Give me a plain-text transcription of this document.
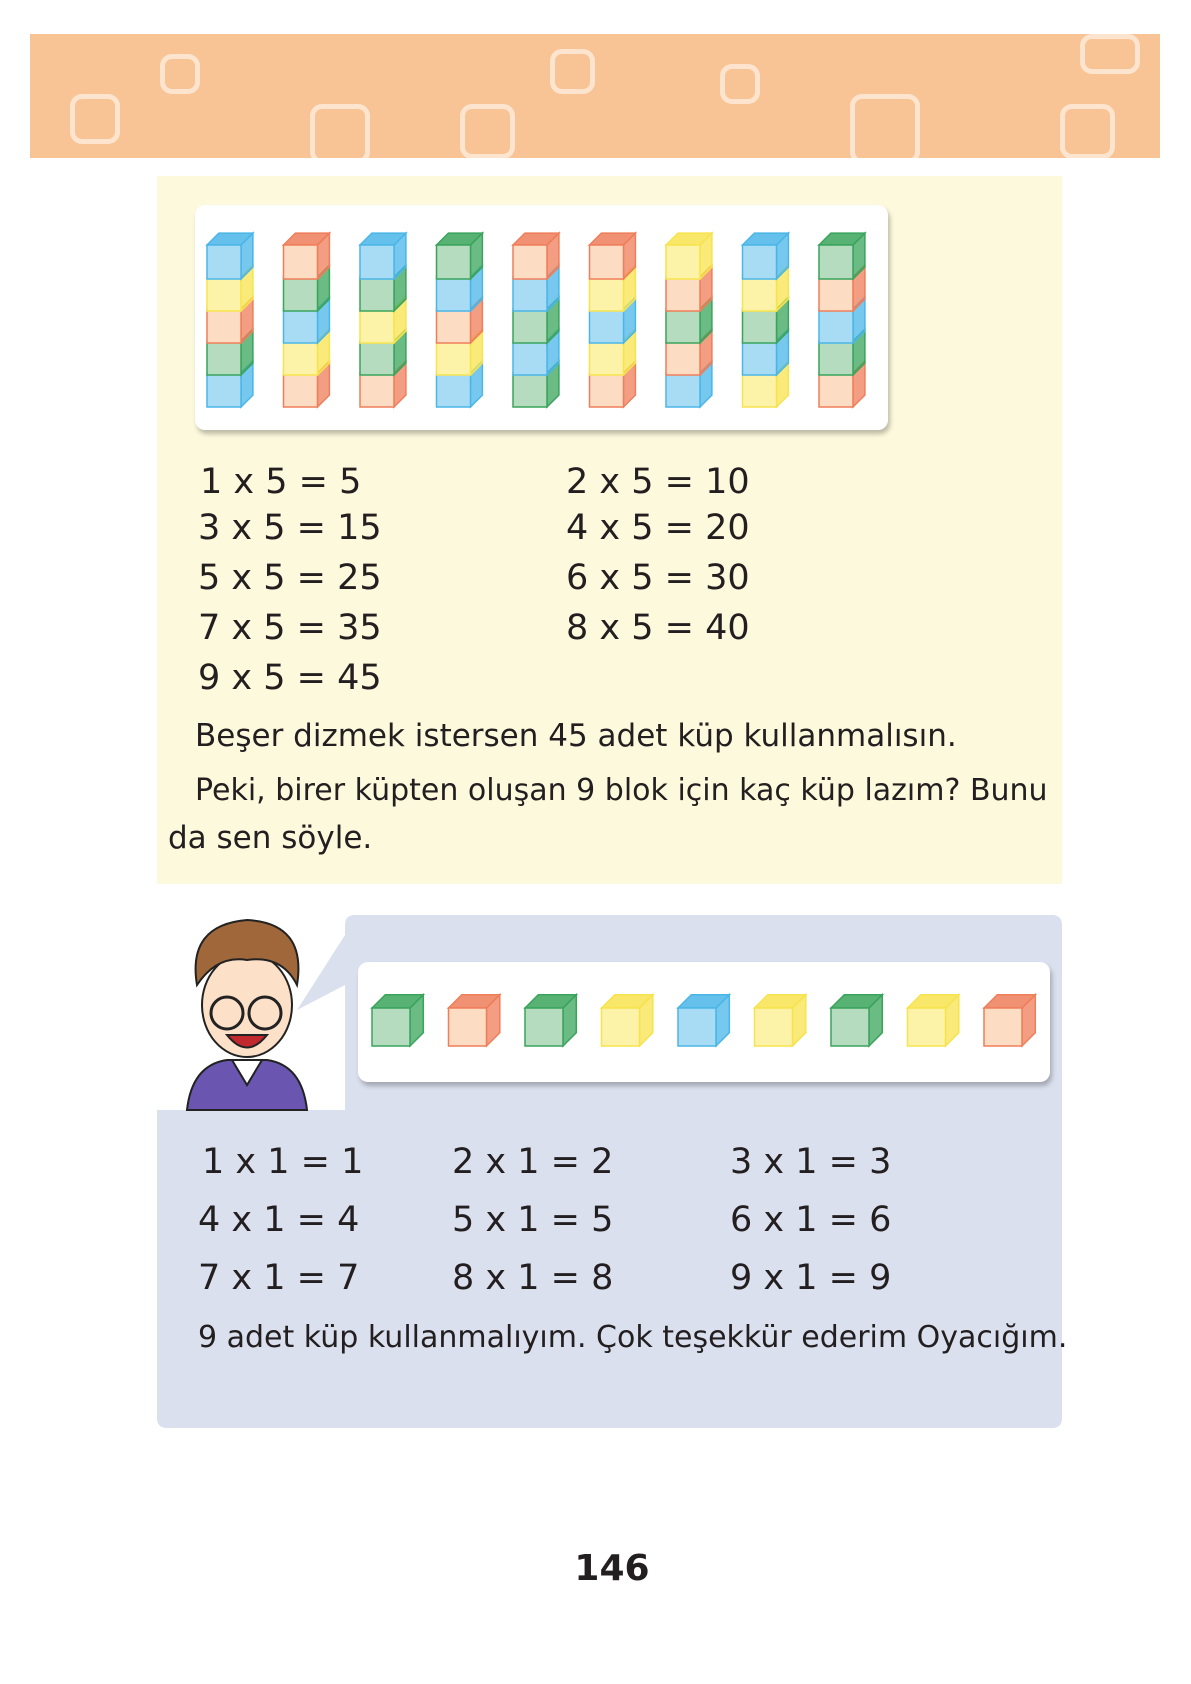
1 x 5 = 5	2 x 5 = 10
3 x 5 = 15	4 x 5 = 20
5 x 5 = 25	6 x 5 = 30
7 x 5 = 35	8 x 5 = 40
9 x 5 = 45
Beşer dizmek istersen 45 adet küp kullanmalısın.
Peki, birer küpten oluşan 9 blok için kaç küp lazım? Bunu
da sen söyle.
1 x 1 = 1	2 x 1 = 2	3 x 1 = 3
4 x 1 = 4	5 x 1 = 5	6 x 1 = 6
7 x 1 = 7	8 x 1 = 8	9 x 1 = 9
9 adet küp kullanmalıyım. Çok teşekkür ederim Oyacığım.
146
